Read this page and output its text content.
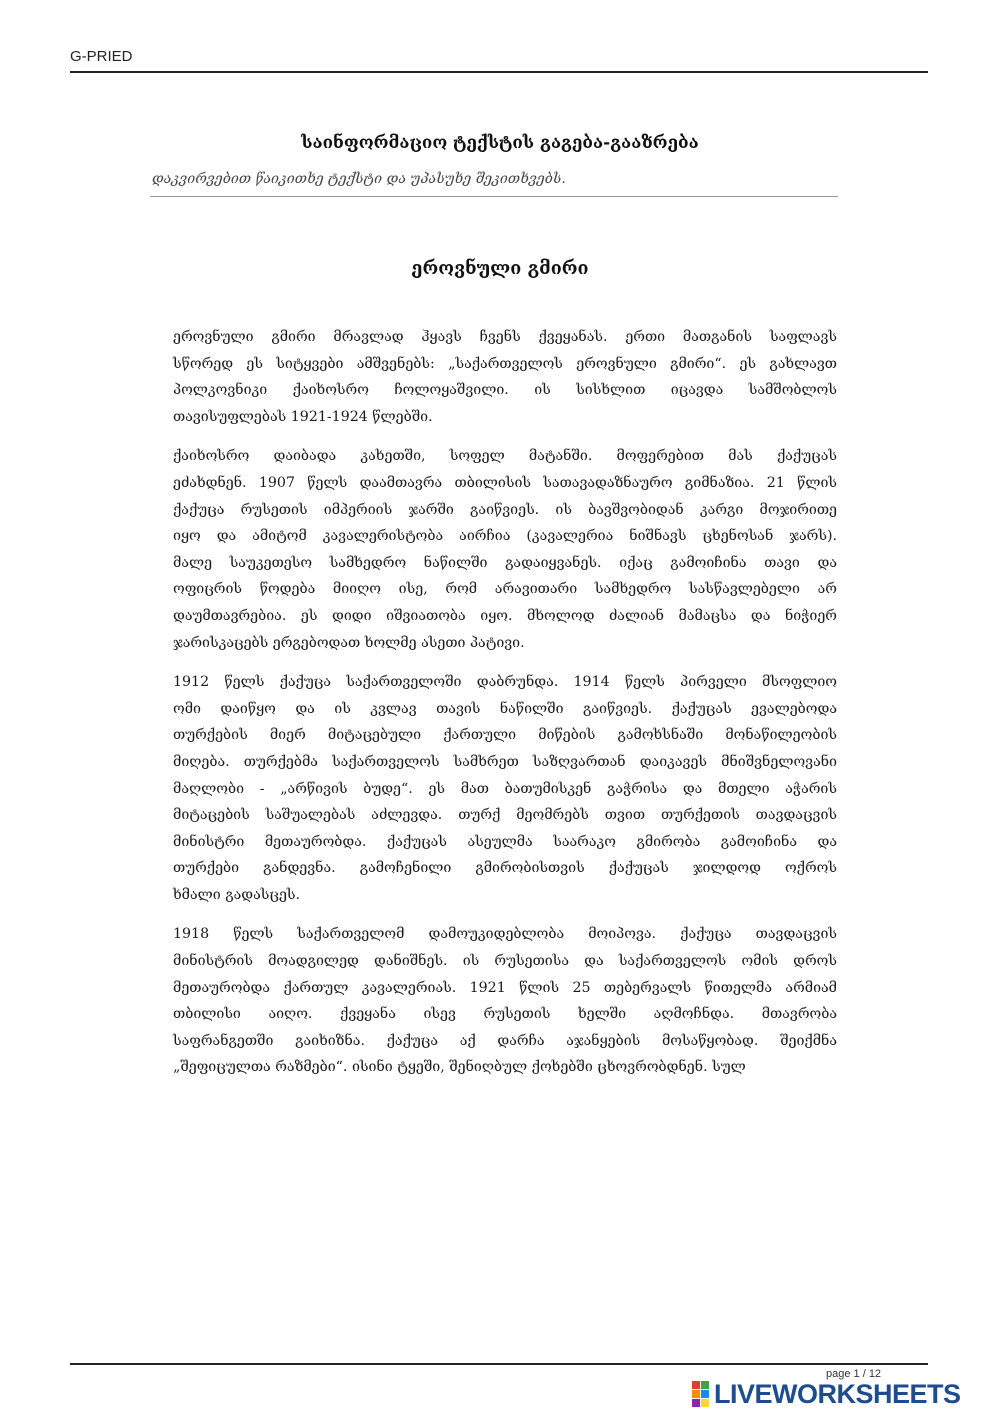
G-PRIED
საინფორმაციო ტექსტის გაგება-გააზრება
დაკვირვებით წაიკითხე ტექსტი და უპასუხე შეკითხვებს.
ეროვნული გმირი

ეროვნული გმირი მრავლად ჰყავს ჩვენს ქვეყანას. ერთი მათგანის საფლავს
სწორედ ეს სიტყვები ამშვენებს: „საქართველოს ეროვნული გმირი“. ეს გახლავთ
პოლკოვნიკი ქაიხოსრო ჩოლოყაშვილი. ის სისხლით იცავდა სამშობლოს
თავისუფლებას 1921-1924 წლებში.

ქაიხოსრო დაიბადა კახეთში, სოფელ მატანში. მოფერებით მას ქაქუცას
ეძახდნენ. 1907 წელს დაამთავრა თბილისის სათავადაზნაურო გიმნაზია. 21 წლის
ქაქუცა რუსეთის იმპერიის ჯარში გაიწვიეს. ის ბავშვობიდან კარგი მოჯირითე
იყო და ამიტომ კავალერისტობა აირჩია (კავალერია ნიშნავს ცხენოსან ჯარს).
მალე საუკეთესო სამხედრო ნაწილში გადაიყვანეს. იქაც გამოიჩინა თავი და
ოფიცრის წოდება მიიღო ისე, რომ არავითარი სამხედრო სასწავლებელი არ
დაუმთავრებია. ეს დიდი იშვიათობა იყო. მხოლოდ ძალიან მამაცსა და ნიჭიერ
ჯარისკაცებს ერგებოდათ ხოლმე ასეთი პატივი.

1912 წელს ქაქუცა საქართველოში დაბრუნდა. 1914 წელს პირველი მსოფლიო
ომი დაიწყო და ის კვლავ თავის ნაწილში გაიწვიეს. ქაქუცას ევალებოდა
თურქების მიერ მიტაცებული ქართული მიწების გამოხსნაში მონაწილეობის
მიღება. თურქებმა საქართველოს სამხრეთ საზღვართან დაიკავეს მნიშვნელოვანი
მაღლობი - „არწივის ბუდე“. ეს მათ ბათუმისკენ გაჭრისა და მთელი აჭარის
მიტაცების საშუალებას აძლევდა. თურქ მეომრებს თვით თურქეთის თავდაცვის
მინისტრი მეთაურობდა. ქაქუცას ასეულმა საარაკო გმირობა გამოიჩინა და
თურქები განდევნა. გამოჩენილი გმირობისთვის ქაქუცას ჯილდოდ ოქროს
ხმალი გადასცეს.

1918 წელს საქართველომ დამოუკიდებლობა მოიპოვა. ქაქუცა თავდაცვის
მინისტრის მოადგილედ დანიშნეს. ის რუსეთისა და საქართველოს ომის დროს
მეთაურობდა ქართულ კავალერიას. 1921 წლის 25 თებერვალს წითელმა არმიამ
თბილისი აიღო. ქვეყანა ისევ რუსეთის ხელში აღმოჩნდა. მთავრობა
საფრანგეთში გაიხიზნა. ქაქუცა აქ დარჩა აჯანყების მოსაწყობად. შეიქმნა
„შეფიცულთა რაზმები“. ისინი ტყეში, შენიღბულ ქოხებში ცხოვრობდნენ. სულ

page 1 / 12
LIVEWORKSHEETS
